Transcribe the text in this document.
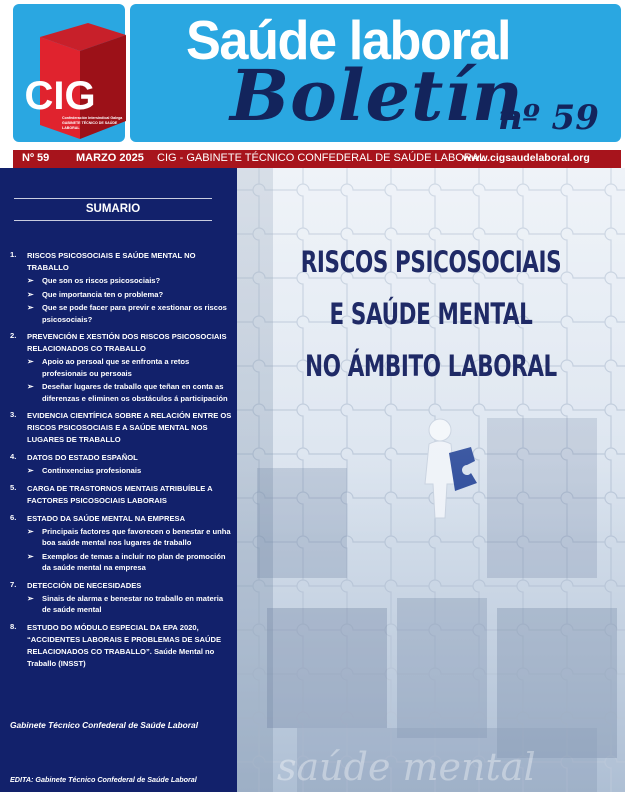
CIG
Confederación Intersindical Galega
GABINETE TÉCNICO DE SAÚDE LABORAL
Saúde laboral
Boletín
nº 59
Nº 59 MARZO 2025 CIG - GABINETE TÉCNICO CONFEDERAL DE SAÚDE LABORAL
www.cigsaudelaboral.org
SUMARIO
1. RISCOS PSICOSOCIAIS E SAÚDE MENTAL NO TRABALLO
➢ Que son os riscos psicosociais?
➢ Que importancia ten o problema?
➢ Que se pode facer para previr e xestionar os riscos psicosociais?
2. PREVENCIÓN E XESTIÓN DOS RISCOS PSICOSOCIAIS RELACIONADOS CO TRABALLO
➢ Apoio ao persoal que se enfronta a retos profesionais ou persoais
➢ Deseñar lugares de traballo que teñan en conta as diferenzas e eliminen os obstáculos á participación
3. EVIDENCIA CIENTÍFICA SOBRE A RELACIÓN ENTRE OS RISCOS PSICOSOCIAIS E A SAÚDE MENTAL NOS LUGARES DE TRABALLO
4. DATOS DO ESTADO ESPAÑOL
➢ Continxencias profesionais
5. CARGA DE TRASTORNOS MENTAIS ATRIBUÍBLE A FACTORES PSICOSOCIAIS LABORAIS
6. ESTADO DA SAÚDE MENTAL NA EMPRESA
➢ Principais factores que favorecen o benestar e unha boa saúde mental nos lugares de traballo
➢ Exemplos de temas a incluír no plan de promoción da saúde mental na empresa
7. DETECCIÓN DE NECESIDADES
➢ Sinais de alarma e benestar no traballo en materia de saúde mental
8. ESTUDO DO MÓDULO ESPECIAL DA EPA 2020, “ACCIDENTES LABORAIS E PROBLEMAS DE SAÚDE RELACIONADOS CO TRABALLO”. Saúde Mental no Traballo (INSST)
Gabinete Técnico Confederal de Saúde Laboral
EDITA: Gabinete Técnico Confederal de Saúde Laboral saúde mental
RISCOS PSICOSOCIAIS
E SAÚDE MENTAL
NO ÁMBITO LABORAL
